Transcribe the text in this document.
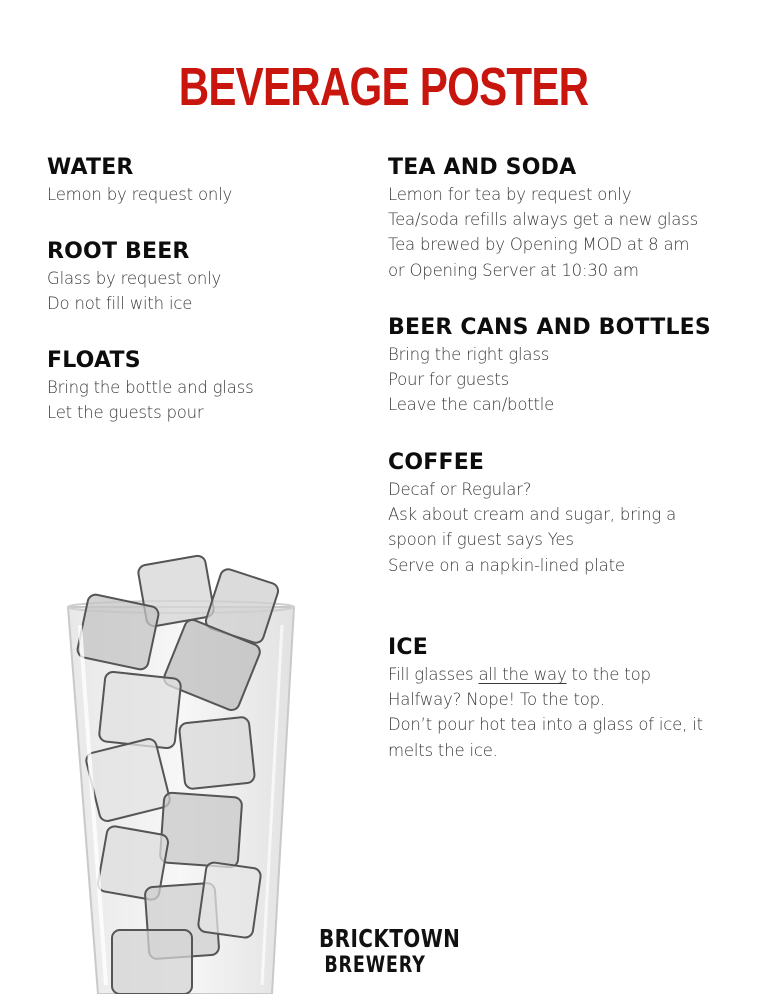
BEVERAGE POSTER
WATER
Lemon by request only
ROOT BEER
Glass by request only
Do not fill with ice
FLOATS
Bring the bottle and glass
Let the guests pour
TEA AND SODA
Lemon for tea by request only
Tea/soda refills always get a new glass
Tea brewed by Opening MOD at 8 am
or Opening Server at 10:30 am
BEER CANS AND BOTTLES
Bring the right glass
Pour for guests
Leave the can/bottle
COFFEE
Decaf or Regular?
Ask about cream and sugar, bring a
spoon if guest says Yes
Serve on a napkin-lined plate
ICE
Fill glasses all the way to the top
Halfway? Nope! To the top.
Don’t pour hot tea into a glass of ice, it
melts the ice.
BRICKTOWN
BREWERY
